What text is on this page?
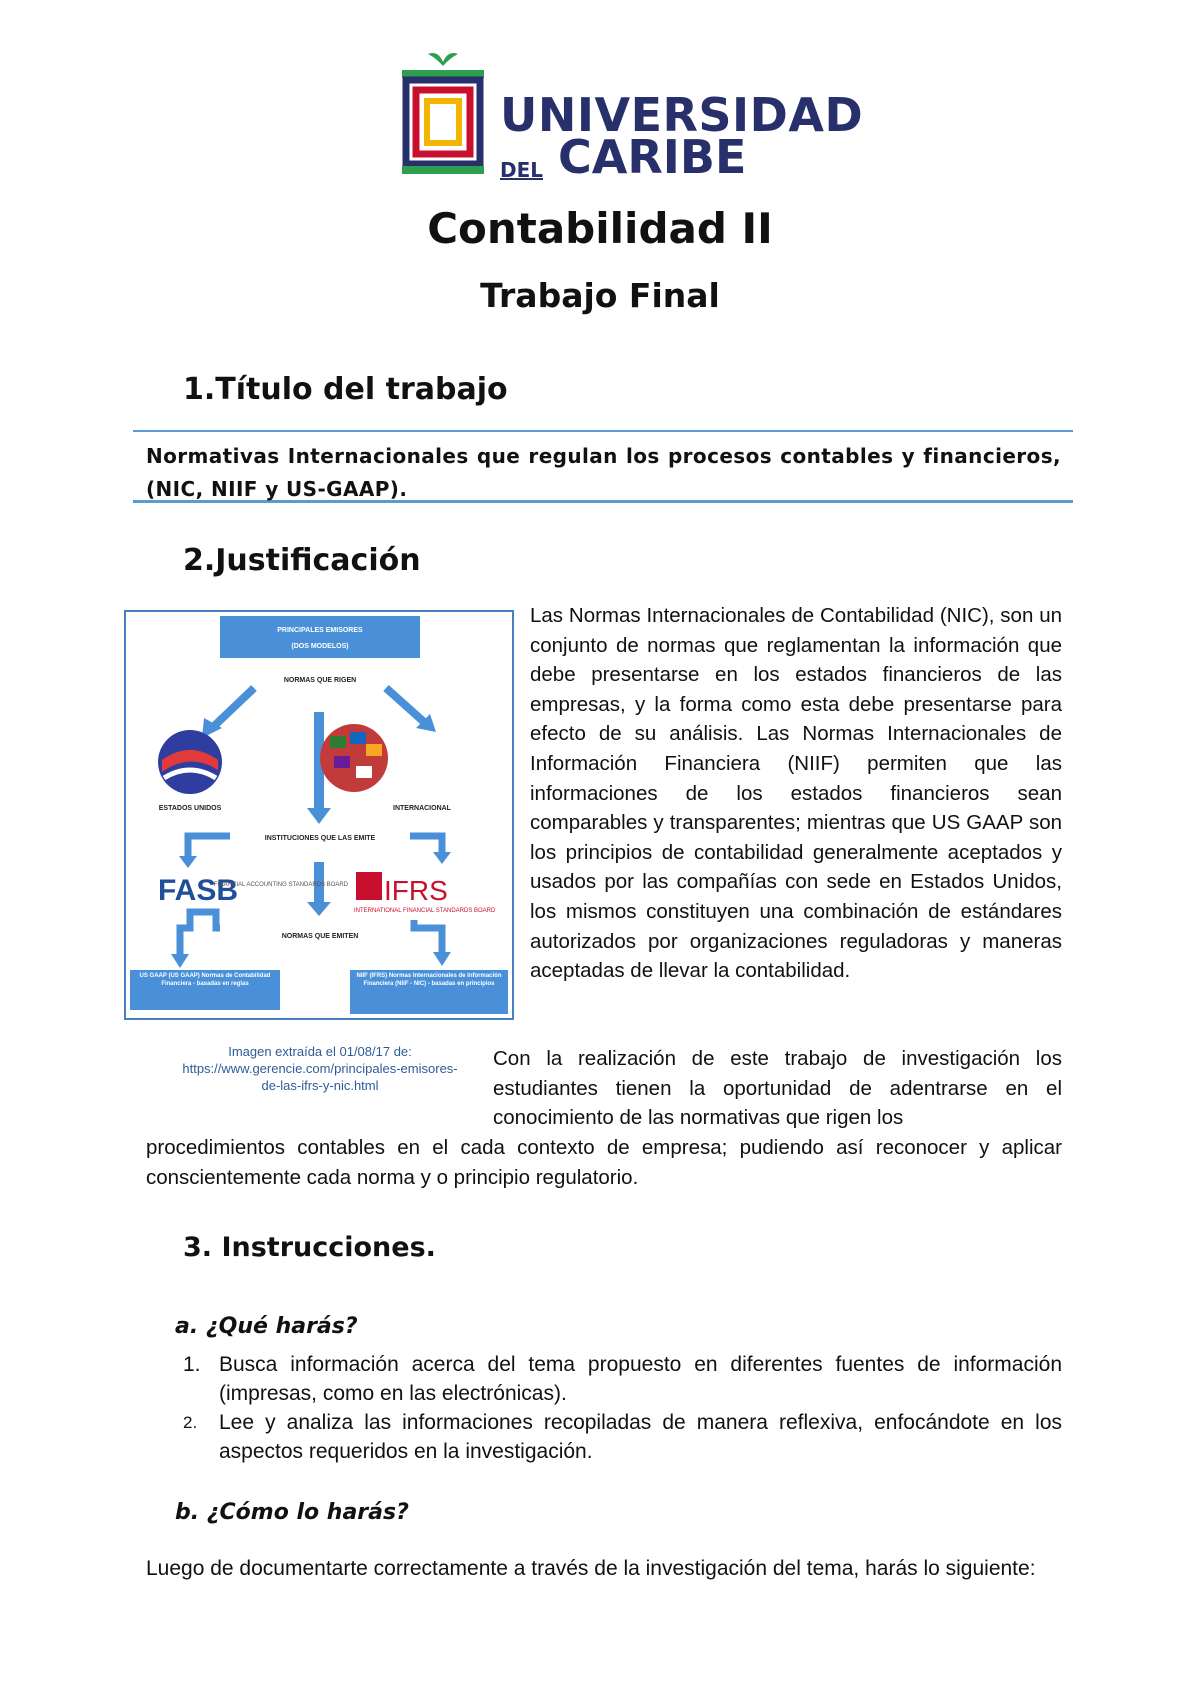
UNIVERSIDAD
DEL CARIBE
Contabilidad II
Trabajo Final
1.Título del trabajo
Normativas Internacionales que regulan los procesos contables y financieros, (NIC, NIIF y US-GAAP).
2.Justificación
PRINCIPALES EMISORES
(DOS MODELOS)
NORMAS QUE RIGEN
ESTADOS UNIDOS	INTERNACIONAL
INSTITUCIONES QUE LAS EMITE
FASB
FINANCIAL ACCOUNTING STANDARDS BOARD IFRS
INTERNATIONAL FINANCIAL STANDARDS BOARD
NORMAS QUE EMITEN
US GAAP (US GAAP) Normas de Contabilidad Financiera - basadas en reglas
NIIF (IFRS) Normas Internacionales de Información Financiera (NIIF - NIC) - basadas en principios
Imagen extraída el 01/08/17 de:
https://www.gerencie.com/principales-emisores-
de-las-ifrs-y-nic.html
Las Normas Internacionales de Contabilidad (NIC), son un conjunto de normas que reglamentan la información que debe presentarse en los estados financieros de las empresas, y la forma como esta debe presentarse para efecto de su análisis. Las Normas Internacionales de Información Financiera (NIIF) permiten que las informaciones de los estados financieros sean comparables y transparentes; mientras que US GAAP son los principios de contabilidad generalmente aceptados y usados por las compañías con sede en Estados Unidos, los mismos constituyen una combinación de estándares autorizados por organizaciones reguladoras y maneras aceptadas de llevar la contabilidad.
Con la realización de este trabajo de investigación los estudiantes tienen la oportunidad de adentrarse en el conocimiento de las normativas que rigen los
procedimientos contables en el cada contexto de empresa; pudiendo así reconocer y aplicar conscientemente cada norma y o principio regulatorio.
3. Instrucciones.
a. ¿Qué harás?
1. Busca información acerca del tema propuesto en diferentes fuentes de información (impresas, como en las electrónicas).
2. Lee y analiza las informaciones recopiladas de manera reflexiva, enfocándote en los aspectos requeridos en la investigación.
b. ¿Cómo lo harás?
Luego de documentarte correctamente a través de la investigación del tema, harás lo siguiente:
